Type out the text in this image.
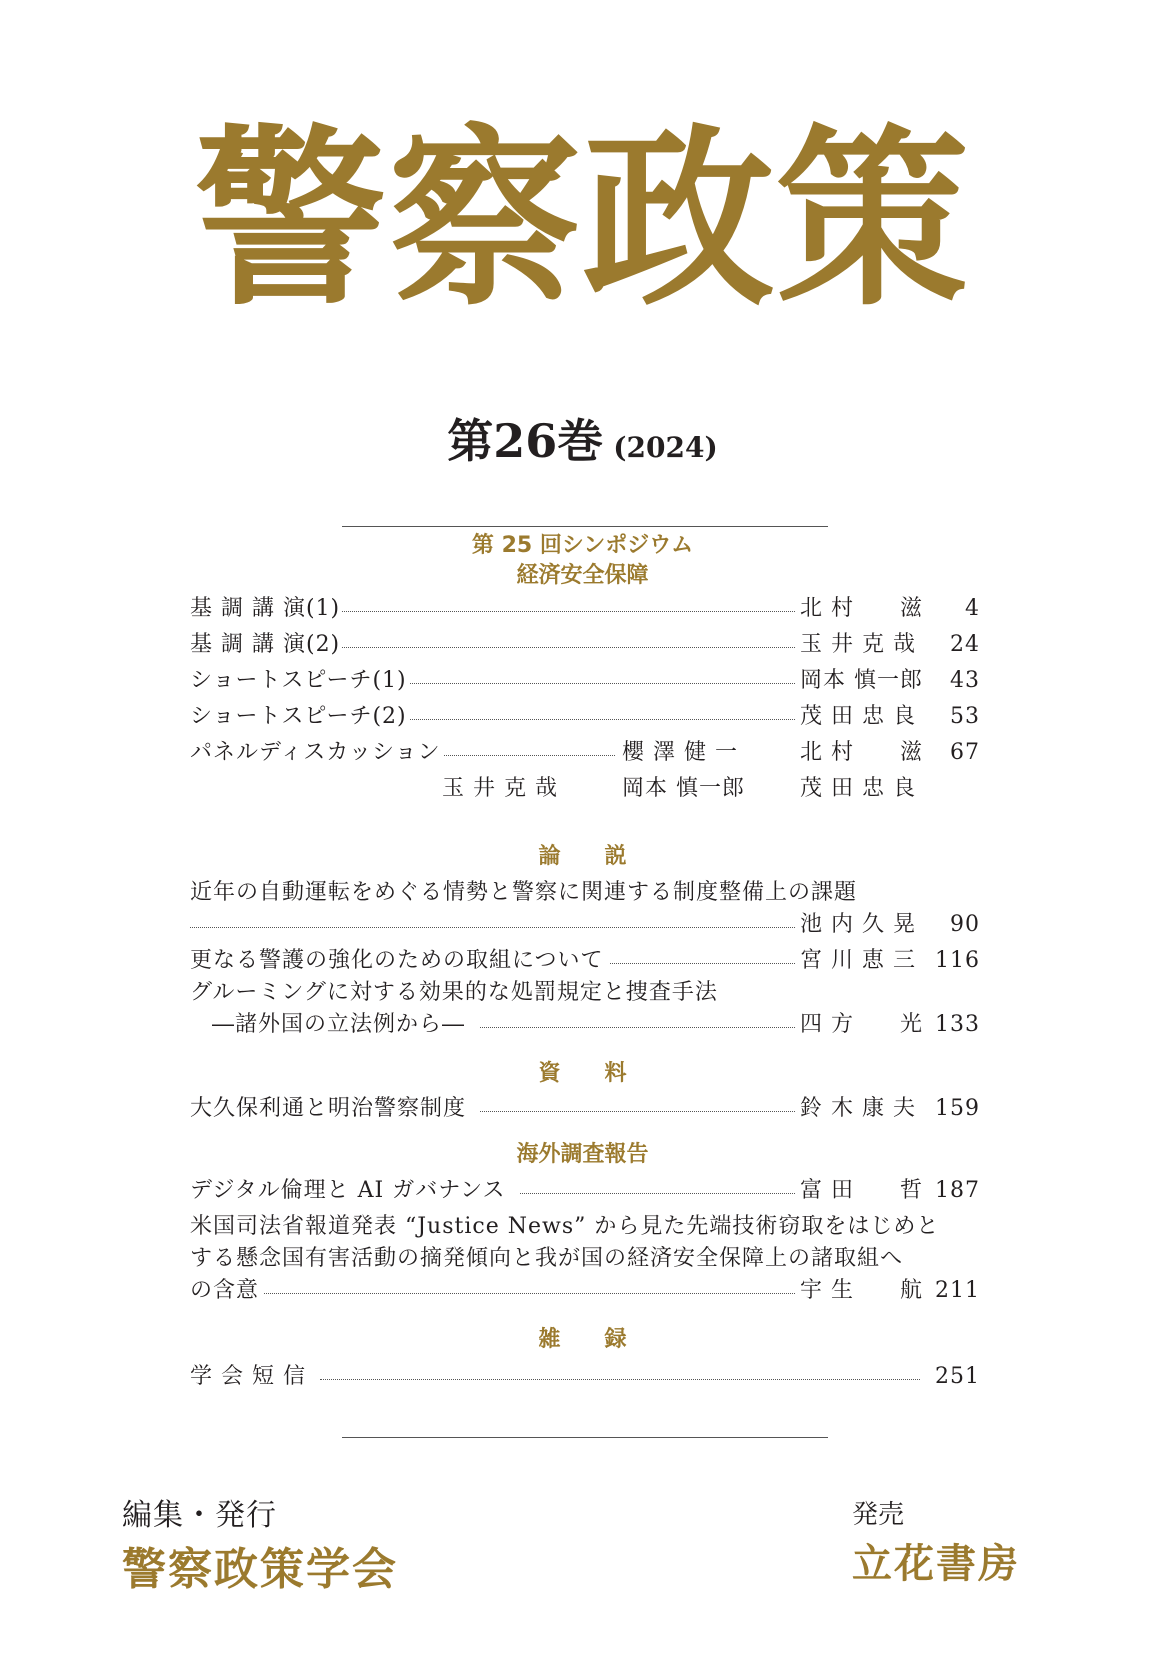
警察政策
第26巻 (2024)
第 25 回シンポジウム
経済安全保障
基 調 講 演(1)	北 村　　滋	4
基 調 講 演(2)	玉 井 克 哉	24
ショートスピーチ(1)	岡本 慎一郎	43
ショートスピーチ(2)	茂 田 忠 良	53
パネルディスカッション	櫻 澤 健 一	北 村　　滋	67
玉 井 克 哉	岡本 慎一郎	茂 田 忠 良
論　　説
近年の自動運転をめぐる情勢と警察に関連する制度整備上の課題
池 内 久 晃	90
更なる警護の強化のための取組について	宮 川 恵 三 116
グルーミングに対する効果的な処罰規定と捜査手法
―諸外国の立法例から―	四 方　　光 133
資　　料
大久保利通と明治警察制度	鈴 木 康 夫 159
海外調査報告
デジタル倫理と AI ガバナンス	富 田　　哲 187
米国司法省報道発表 “Justice News” から見た先端技術窃取をはじめと
する懸念国有害活動の摘発傾向と我が国の経済安全保障上の諸取組へ
の含意	宇 生　　航 211
雑　　録
学 会 短 信	251
編集・発行
警察政策学会
発売
立花書房
